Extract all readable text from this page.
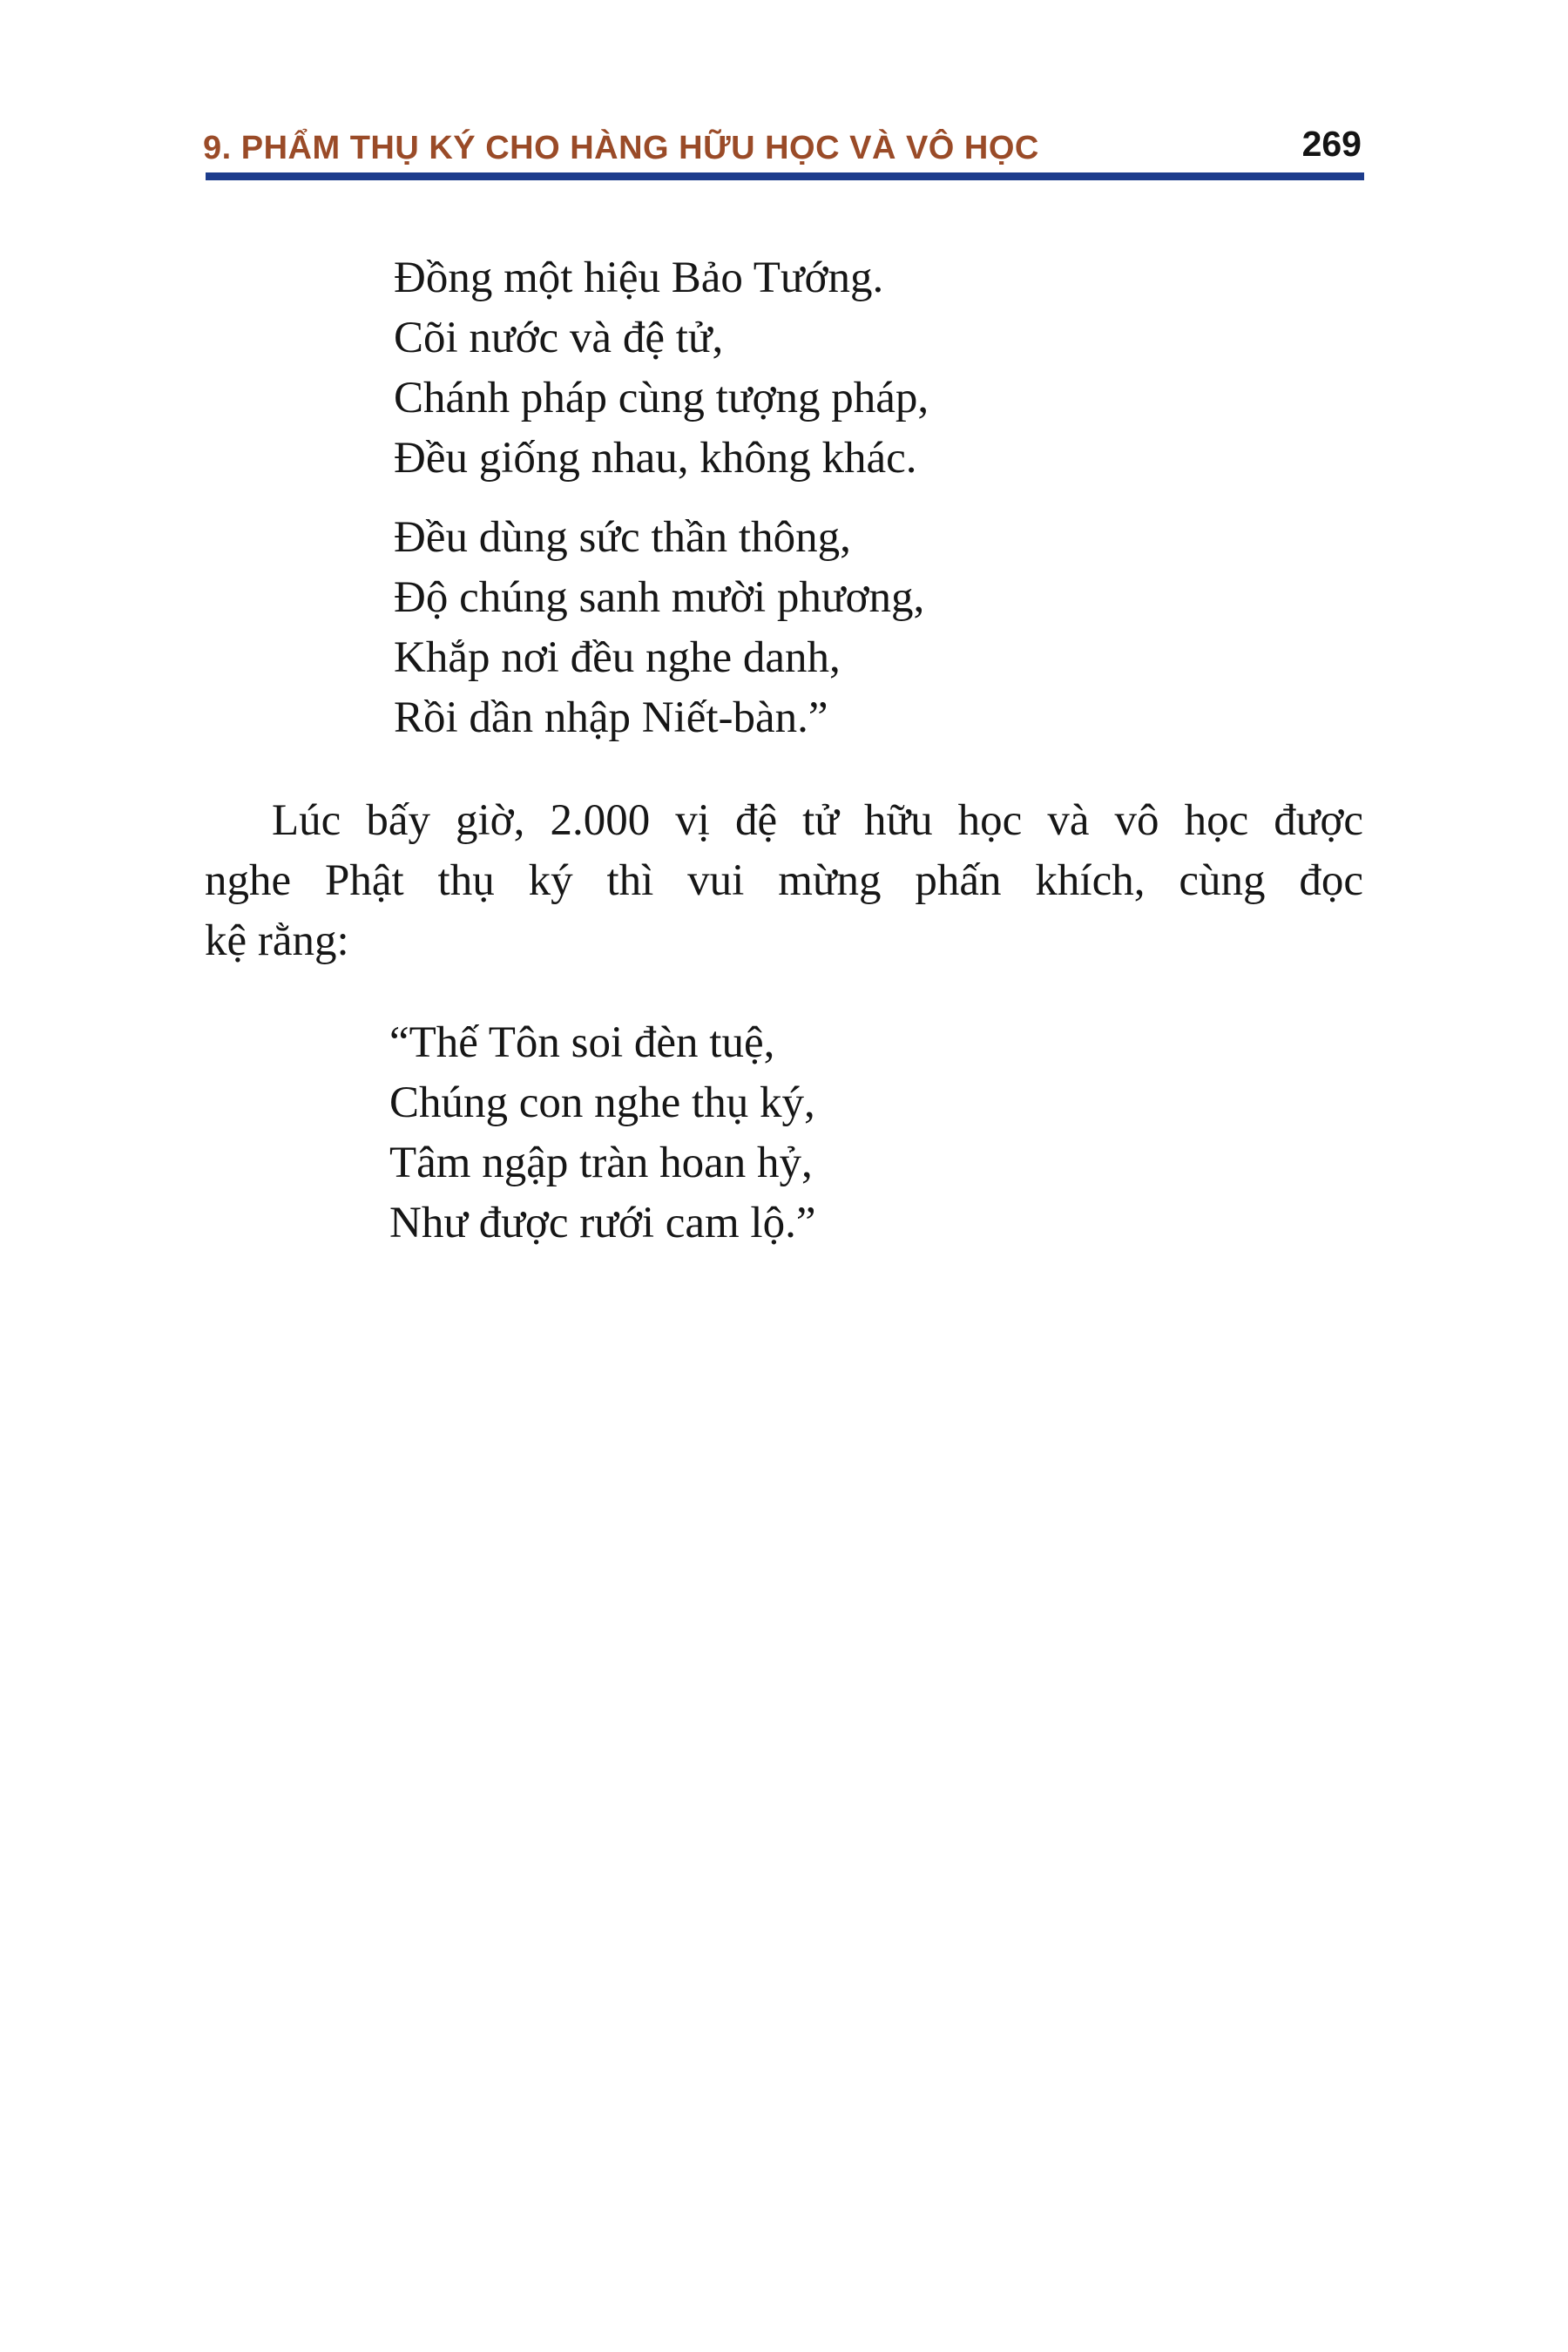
9. PHẨM THỤ KÝ CHO HÀNG HỮU HỌC VÀ VÔ HỌC	269
Đồng một hiệu Bảo Tướng.
Cõi nước và đệ tử,
Chánh pháp cùng tượng pháp,
Đều giống nhau, không khác.
Đều dùng sức thần thông,
Độ chúng sanh mười phương,
Khắp nơi đều nghe danh,
Rồi dần nhập Niết-bàn.”
Lúc bấy giờ, 2.000 vị đệ tử hữu học và vô học được
nghe Phật thụ ký thì vui mừng phấn khích, cùng đọc
kệ rằng:
“Thế Tôn soi đèn tuệ,
Chúng con nghe thụ ký,
Tâm ngập tràn hoan hỷ,
Như được rưới cam lộ.”
